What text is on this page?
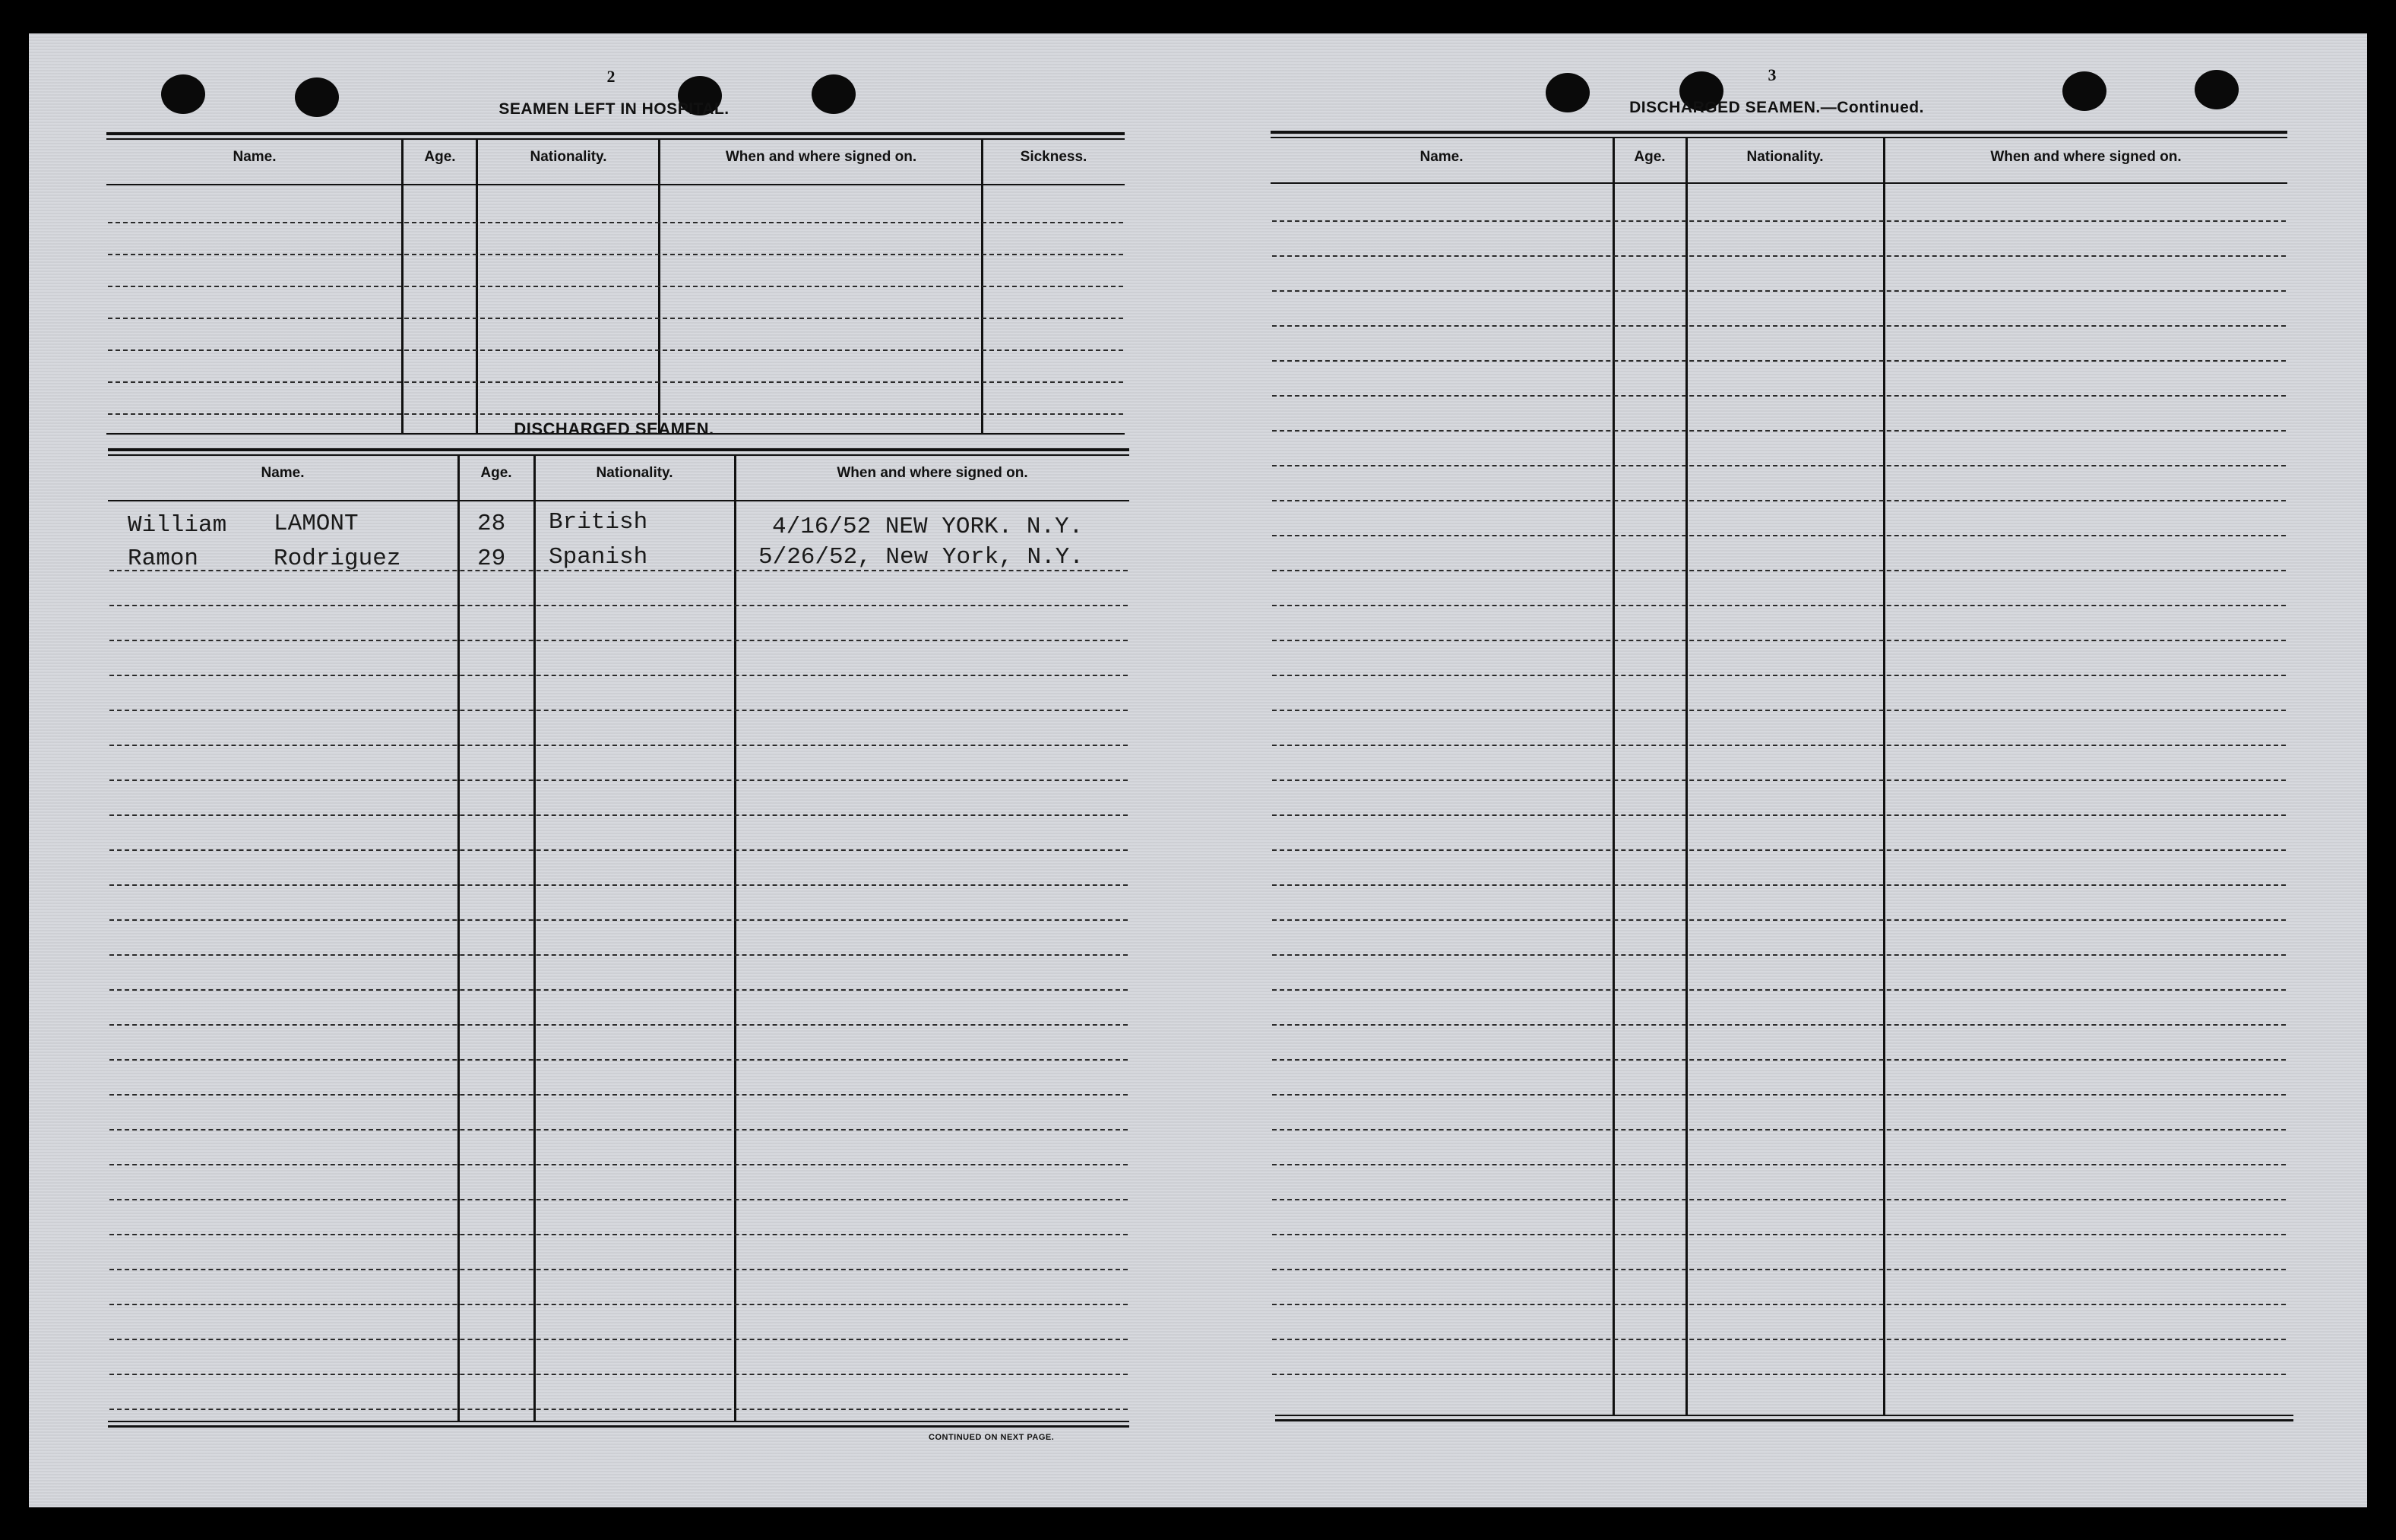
2
SEAMEN LEFT IN HOSPITAL.
Name.	Age.	Nationality.	When and where signed on.	Sickness.
DISCHARGED SEAMEN.
Name.	Age.	Nationality.	When and where signed on.
William LAMONT	28 British	4/16/52 NEW YORK. N.Y.
Ramon	Rodriguez	29 Spanish	5/26/52, New York, N.Y.
CONTINUED ON NEXT PAGE.
3
DISCHARGED SEAMEN.—Continued.
Name.	Age.	Nationality.	When and where signed on.
